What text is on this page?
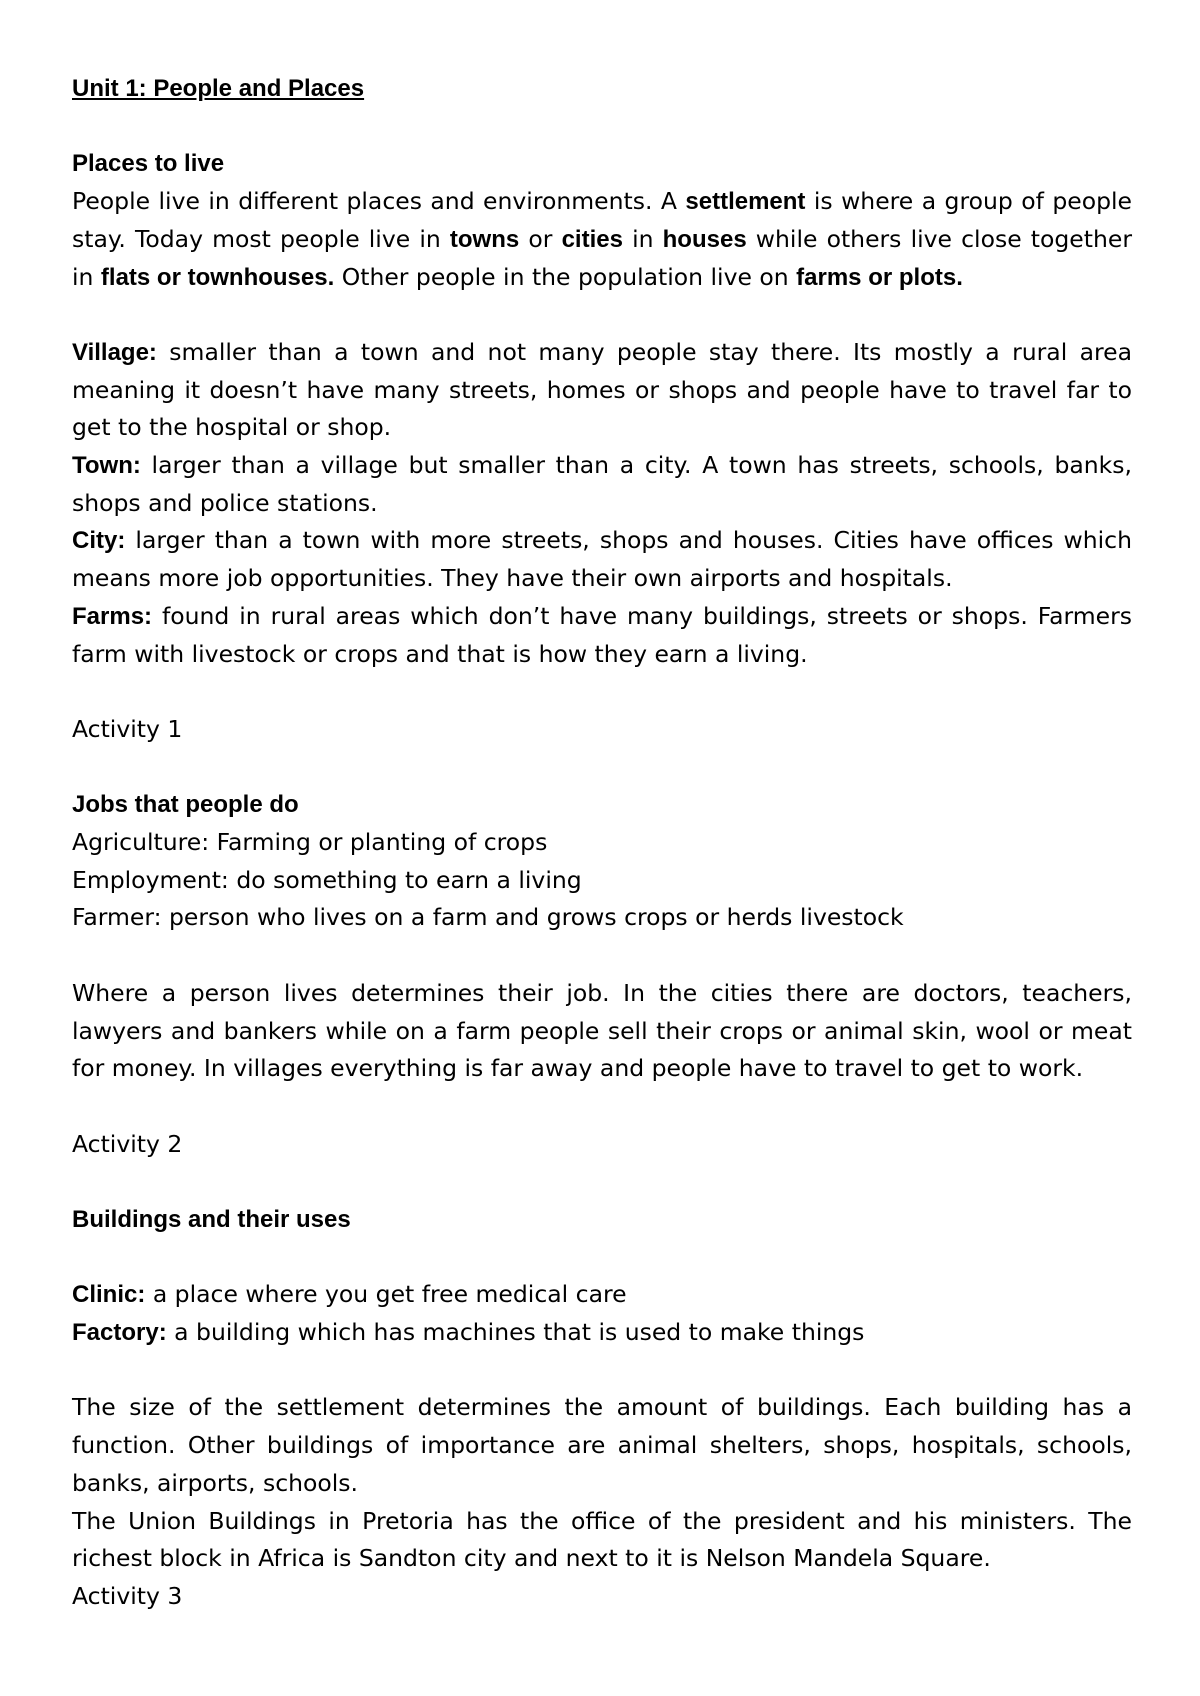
Unit 1: People and Places

Places to live

People live in different places and environments. A settlement is where a group of people stay. Today most people live in towns or cities in houses while others live close together in flats or townhouses. Other people in the population live on farms or plots.

Village: smaller than a town and not many people stay there. Its mostly a rural area meaning it doesn’t have many streets, homes or shops and people have to travel far to get to the hospital or shop.

Town: larger than a village but smaller than a city. A town has streets, schools, banks, shops and police stations.

City: larger than a town with more streets, shops and houses. Cities have offices which means more job opportunities. They have their own airports and hospitals.

Farms: found in rural areas which don’t have many buildings, streets or shops. Farmers farm with livestock or crops and that is how they earn a living.

Activity 1

Jobs that people do

Agriculture: Farming or planting of crops

Employment: do something to earn a living

Farmer: person who lives on a farm and grows crops or herds livestock

Where a person lives determines their job. In the cities there are doctors, teachers, lawyers and bankers while on a farm people sell their crops or animal skin, wool or meat for money. In villages everything is far away and people have to travel to get to work.

Activity 2

Buildings and their uses

Clinic: a place where you get free medical care

Factory: a building which has machines that is used to make things

The size of the settlement determines the amount of buildings. Each building has a function. Other buildings of importance are animal shelters, shops, hospitals, schools, banks, airports, schools.

The Union Buildings in Pretoria has the office of the president and his ministers. The richest block in Africa is Sandton city and next to it is Nelson Mandela Square.

Activity 3
